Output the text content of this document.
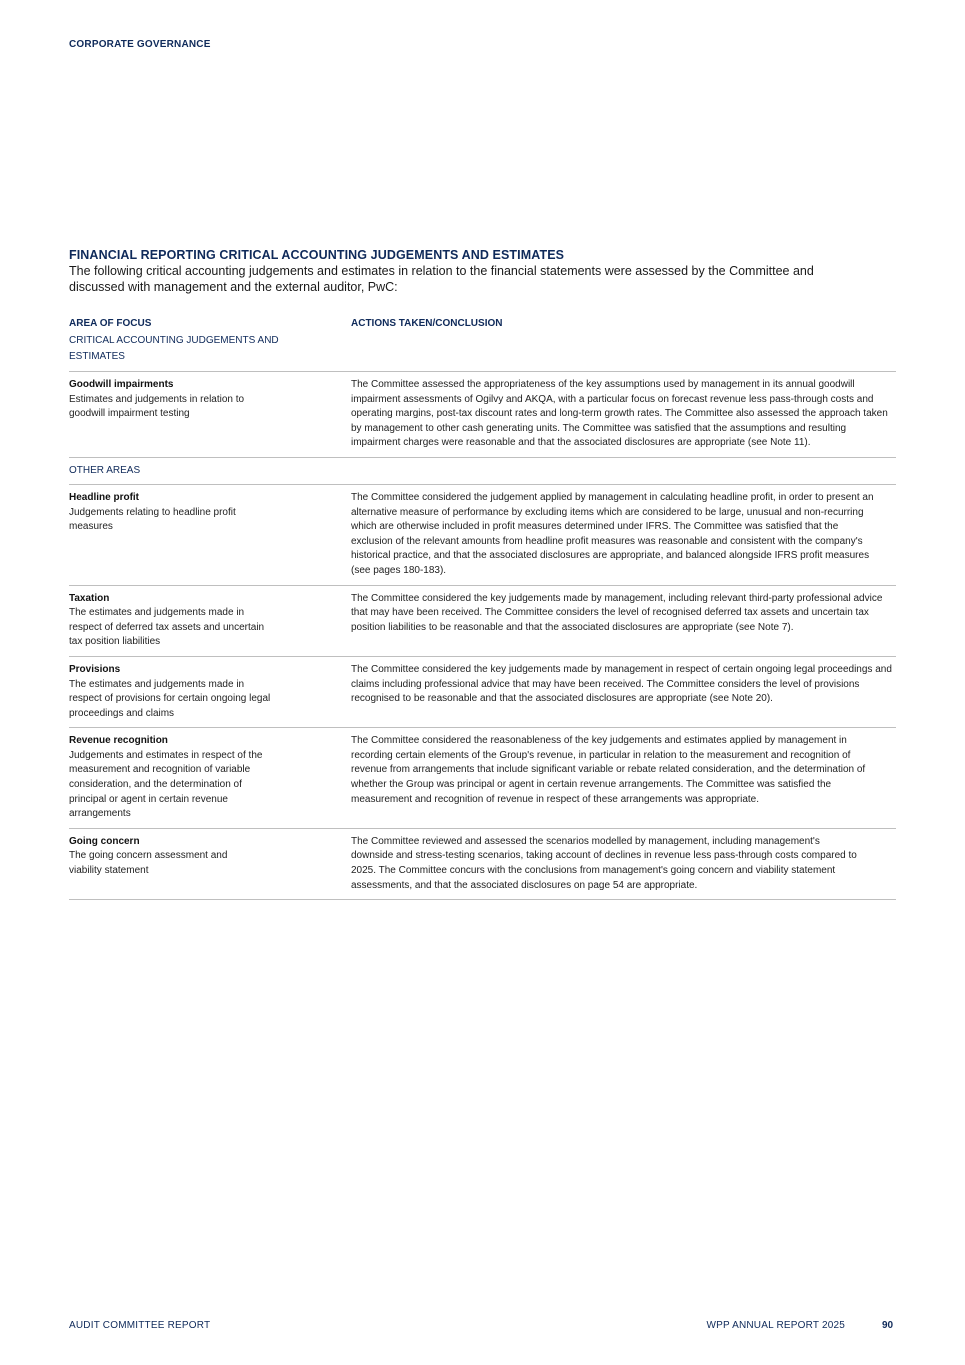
CORPORATE GOVERNANCE
FINANCIAL REPORTING CRITICAL ACCOUNTING JUDGEMENTS AND ESTIMATES

The following critical accounting judgements and estimates in relation to the financial statements were assessed by the Committee and discussed with management and the external auditor, PwC:

AREA OF FOCUS
CRITICAL ACCOUNTING JUDGEMENTS AND ESTIMATES
ACTIONS TAKEN/CONCLUSION
Goodwill impairments
Estimates and judgements in relation to goodwill impairment testing
The Committee assessed the appropriateness of the key assumptions used by management in its annual goodwill impairment assessments of Ogilvy and AKQA, with a particular focus on forecast revenue less pass-through costs and operating margins, post-tax discount rates and long-term growth rates. The Committee also assessed the approach taken by management to other cash generating units. The Committee was satisfied that the assumptions and resulting impairment charges were reasonable and that the associated disclosures are appropriate (see Note 11).
OTHER AREAS
Headline profit
Judgements relating to headline profit measures
The Committee considered the judgement applied by management in calculating headline profit, in order to present an alternative measure of performance by excluding items which are considered to be large, unusual and non-recurring which are otherwise included in profit measures determined under IFRS. The Committee was satisfied that the exclusion of the relevant amounts from headline profit measures was reasonable and consistent with the company's historical practice, and that the associated disclosures are appropriate, and balanced alongside IFRS profit measures (see pages 180-183).
Taxation
The estimates and judgements made in respect of deferred tax assets and uncertain tax position liabilities
The Committee considered the key judgements made by management, including relevant third-party professional advice that may have been received. The Committee considers the level of recognised deferred tax assets and uncertain tax position liabilities to be reasonable and that the associated disclosures are appropriate (see Note 7).
Provisions
The estimates and judgements made in respect of provisions for certain ongoing legal proceedings and claims
The Committee considered the key judgements made by management in respect of certain ongoing legal proceedings and claims including professional advice that may have been received. The Committee considers the level of provisions recognised to be reasonable and that the associated disclosures are appropriate (see Note 20).
Revenue recognition
Judgements and estimates in respect of the measurement and recognition of variable consideration, and the determination of principal or agent in certain revenue arrangements
The Committee considered the reasonableness of the key judgements and estimates applied by management in recording certain elements of the Group's revenue, in particular in relation to the measurement and recognition of revenue from arrangements that include significant variable or rebate related consideration, and the determination of whether the Group was principal or agent in certain revenue arrangements. The Committee was satisfied the measurement and recognition of revenue in respect of these arrangements was appropriate.
Going concern
The going concern assessment and viability statement
The Committee reviewed and assessed the scenarios modelled by management, including management's downside and stress-testing scenarios, taking account of declines in revenue less pass-through costs compared to 2025. The Committee concurs with the conclusions from management's going concern and viability statement assessments, and that the associated disclosures on page 54 are appropriate.
AUDIT COMMITTEE REPORT	WPP ANNUAL REPORT 2025	90
